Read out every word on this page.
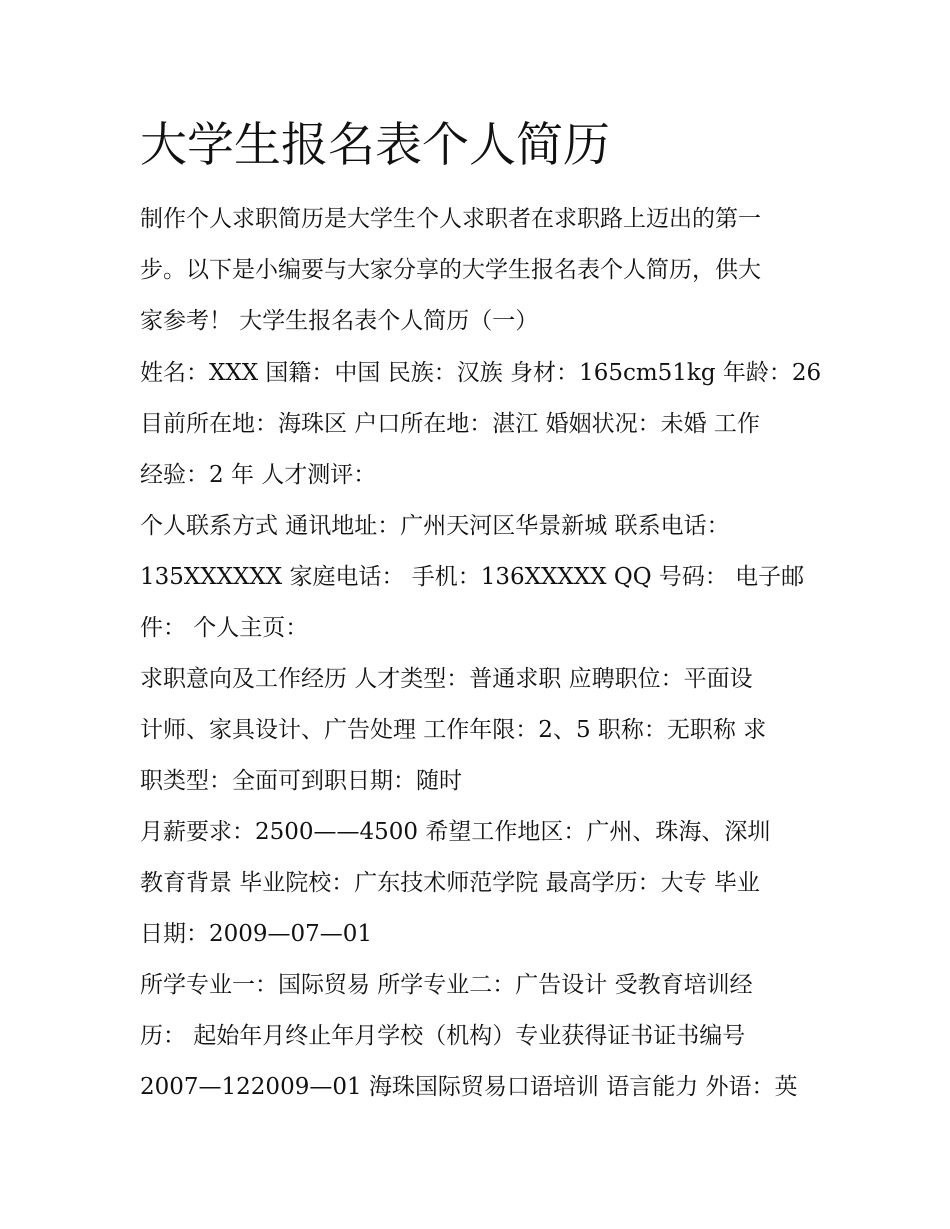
大学生报名表个人简历

制作个人求职简历是大学生个人求职者在求职路上迈出的第一

步。以下是小编要与大家分享的大学生报名表个人简历，供大

家参考！ 大学生报名表个人简历（一）

姓名：XXX 国籍：中国 民族：汉族 身材：165cm51kg 年龄：26

目前所在地：海珠区 户口所在地：湛江 婚姻状况：未婚 工作

经验：2 年 人才测评：

个人联系方式 通讯地址：广州天河区华景新城 联系电话：

135XXXXXX 家庭电话： 手机：136XXXXX QQ 号码： 电子邮

件： 个人主页：

求职意向及工作经历 人才类型：普通求职 应聘职位：平面设

计师、家具设计、广告处理 工作年限：2、5 职称：无职称 求

职类型：全面可到职日期：随时

月薪要求：2500——4500 希望工作地区：广州、珠海、深圳

教育背景 毕业院校：广东技术师范学院 最高学历：大专 毕业

日期：2009—07—01

所学专业一：国际贸易 所学专业二：广告设计 受教育培训经

历： 起始年月终止年月学校（机构）专业获得证书证书编号

2007—122009—01 海珠国际贸易口语培训 语言能力 外语：英
